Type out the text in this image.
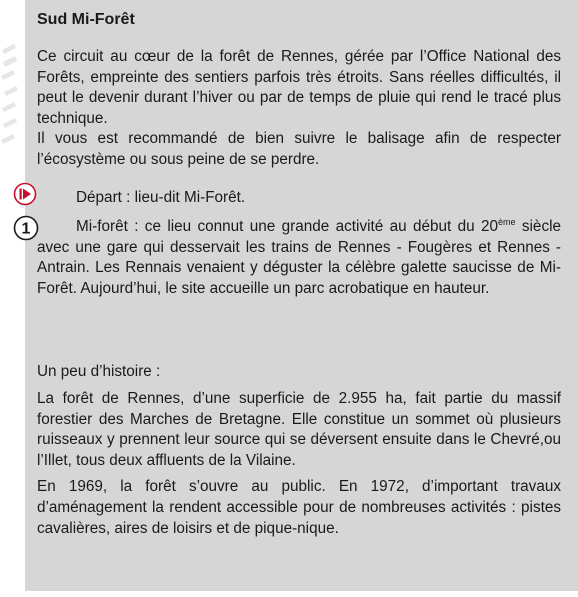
Sud Mi-Forêt

Ce circuit au cœur de la forêt de Rennes, gérée par l’Office National des Forêts, empreinte des sentiers parfois très étroits. Sans réelles difficultés, il peut le devenir durant l’hiver ou par de temps de pluie qui rend le tracé plus technique.

Il vous est recommandé de bien suivre le balisage afin de respecter l’écosystème ou sous peine de se perdre.

Départ : lieu-dit Mi-Forêt.
1	Mi-forêt : ce lieu connut une grande activité au début du 20ème siècle avec une gare qui desservait les trains de Rennes - Fougères et Rennes - Antrain. Les Rennais venaient y déguster la célèbre galette saucisse de Mi-Forêt. Aujourd’hui, le site accueille un parc acrobatique en hauteur.

Un peu d’histoire :

La forêt de Rennes, d’une superficie de 2.955 ha, fait partie du massif forestier des Marches de Bretagne. Elle constitue un sommet où plusieurs ruisseaux y prennent leur source qui se déversent ensuite dans le Chevré,ou l’Illet, tous deux affluents de la Vilaine.

En 1969, la forêt s’ouvre au public. En 1972, d’important travaux d’aménagement la rendent accessible pour de nombreuses activités : pistes cavalières, aires de loisirs et de pique-nique.
